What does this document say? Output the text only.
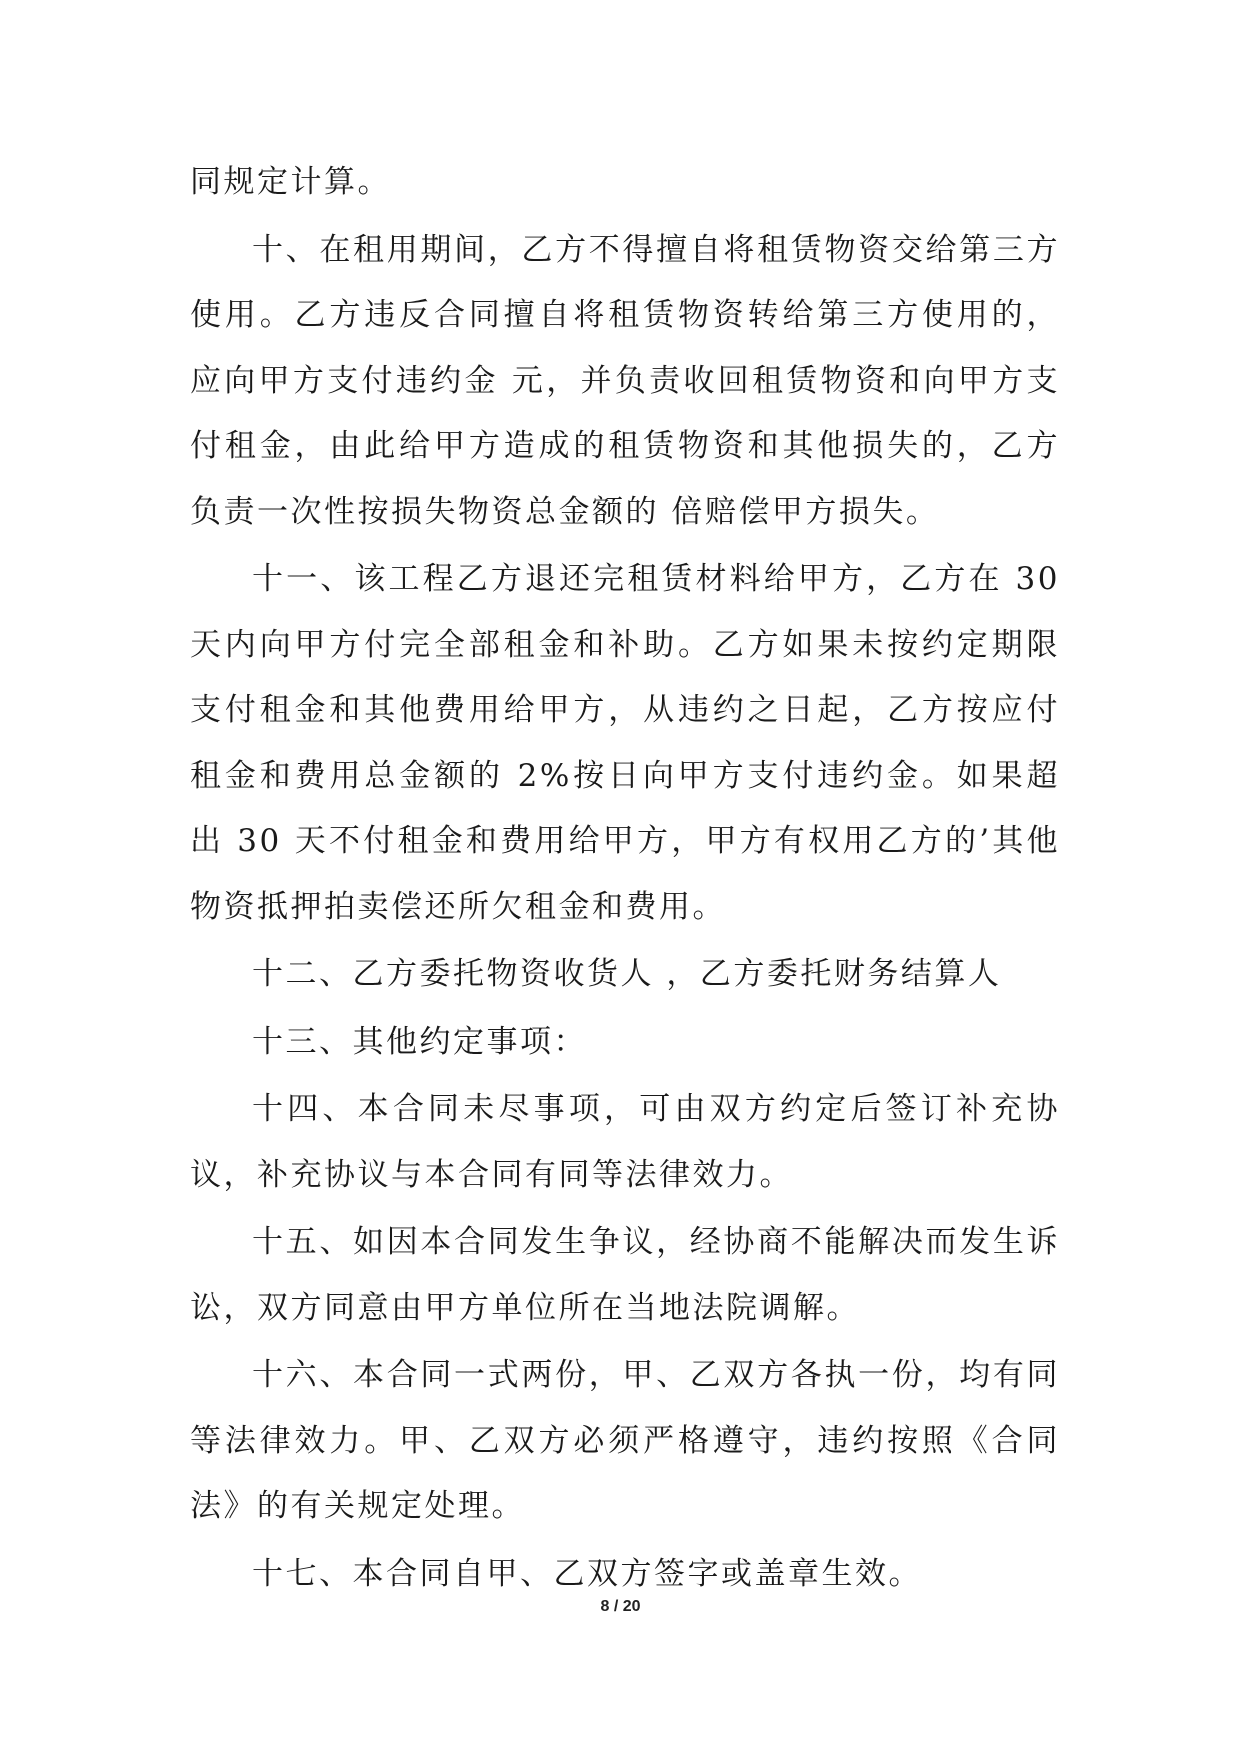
同规定计算。

十、在租用期间，乙方不得擅自将租赁物资交给第三方使用。乙方违反合同擅自将租赁物资转给第三方使用的，应向甲方支付违约金 元，并负责收回租赁物资和向甲方支付租金，由此给甲方造成的租赁物资和其他损失的，乙方负责一次性按损失物资总金额的 倍赔偿甲方损失。

十一、该工程乙方退还完租赁材料给甲方，乙方在 30 天内向甲方付完全部租金和补助。乙方如果未按约定期限支付租金和其他费用给甲方，从违约之日起，乙方按应付租金和费用总金额的 2%按日向甲方支付违约金。如果超出 30 天不付租金和费用给甲方，甲方有权用乙方的’其他物资抵押拍卖偿还所欠租金和费用。

十二、乙方委托物资收货人 ，乙方委托财务结算人

十三、其他约定事项：

十四、本合同未尽事项，可由双方约定后签订补充协议，补充协议与本合同有同等法律效力。

十五、如因本合同发生争议，经协商不能解决而发生诉讼，双方同意由甲方单位所在当地法院调解。

十六、本合同一式两份，甲、乙双方各执一份，均有同等法律效力。甲、乙双方必须严格遵守，违约按照《合同法》的有关规定处理。

十七、本合同自甲、乙双方签字或盖章生效。

8 / 20
